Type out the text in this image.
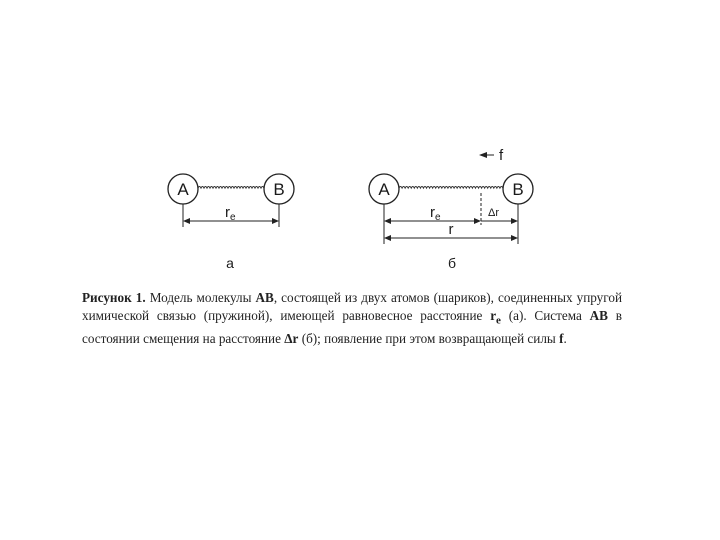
A	B
$r_e$
а
f
A	B
$r_e$	Δr
r
б
Рисунок 1. Модель молекулы АВ, состоящей из двух атомов (шариков), соединенных упругой химической связью (пружиной), имеющей равновесное расстояние $r_e$ (а). Система АВ в состоянии смещения на расстояние Δr (б); появление при этом возвращающей силы f.
